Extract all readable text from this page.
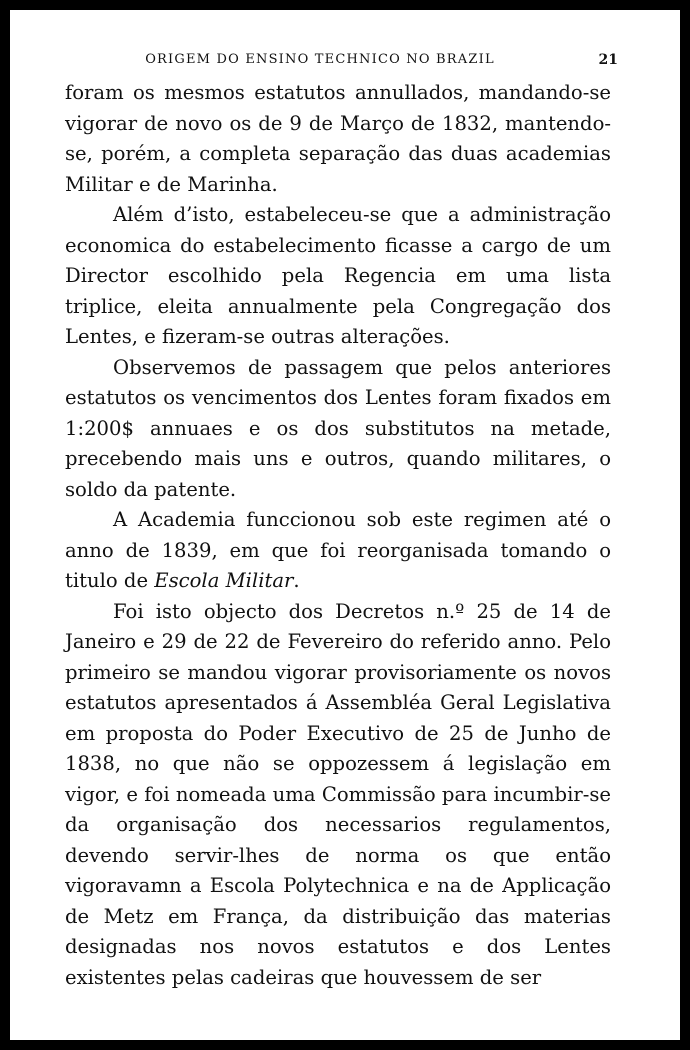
ORIGEM DO ENSINO TECHNICO NO BRAZIL	21

foram os mesmos estatutos annullados, mandando-se vigorar de novo os de 9 de Março de 1832, mantendo-se, porém, a completa separação das duas academias Militar e de Marinha.

Além d’isto, estabeleceu-se que a administração economica do estabelecimento ficasse a cargo de um Director escolhido pela Regencia em uma lista triplice, eleita annualmente pela Congregação dos Lentes, e fizeram-se outras alterações.

Observemos de passagem que pelos anteriores estatutos os vencimentos dos Lentes foram fixados em 1:200$ annuaes e os dos substitutos na metade, precebendo mais uns e outros, quando militares, o soldo da patente.

A Academia funccionou sob este regimen até o anno de 1839, em que foi reorganisada tomando o titulo de Escola Militar.

Foi isto objecto dos Decretos n.º 25 de 14 de Janeiro e 29 de 22 de Fevereiro do referido anno. Pelo primeiro se mandou vigorar provisoriamente os novos estatutos apresentados á Assembléa Geral Legislativa em proposta do Poder Executivo de 25 de Junho de 1838, no que não se oppozessem á legislação em vigor, e foi nomeada uma Commissão para incumbir-se da organisação dos necessarios regulamentos, devendo servir-lhes de norma os que então vigoravamn a Escola Polytechnica e na de Applicação de Metz em França, da distribuição das materias designadas nos novos estatutos e dos Lentes existentes pelas cadeiras que houvessem de ser
